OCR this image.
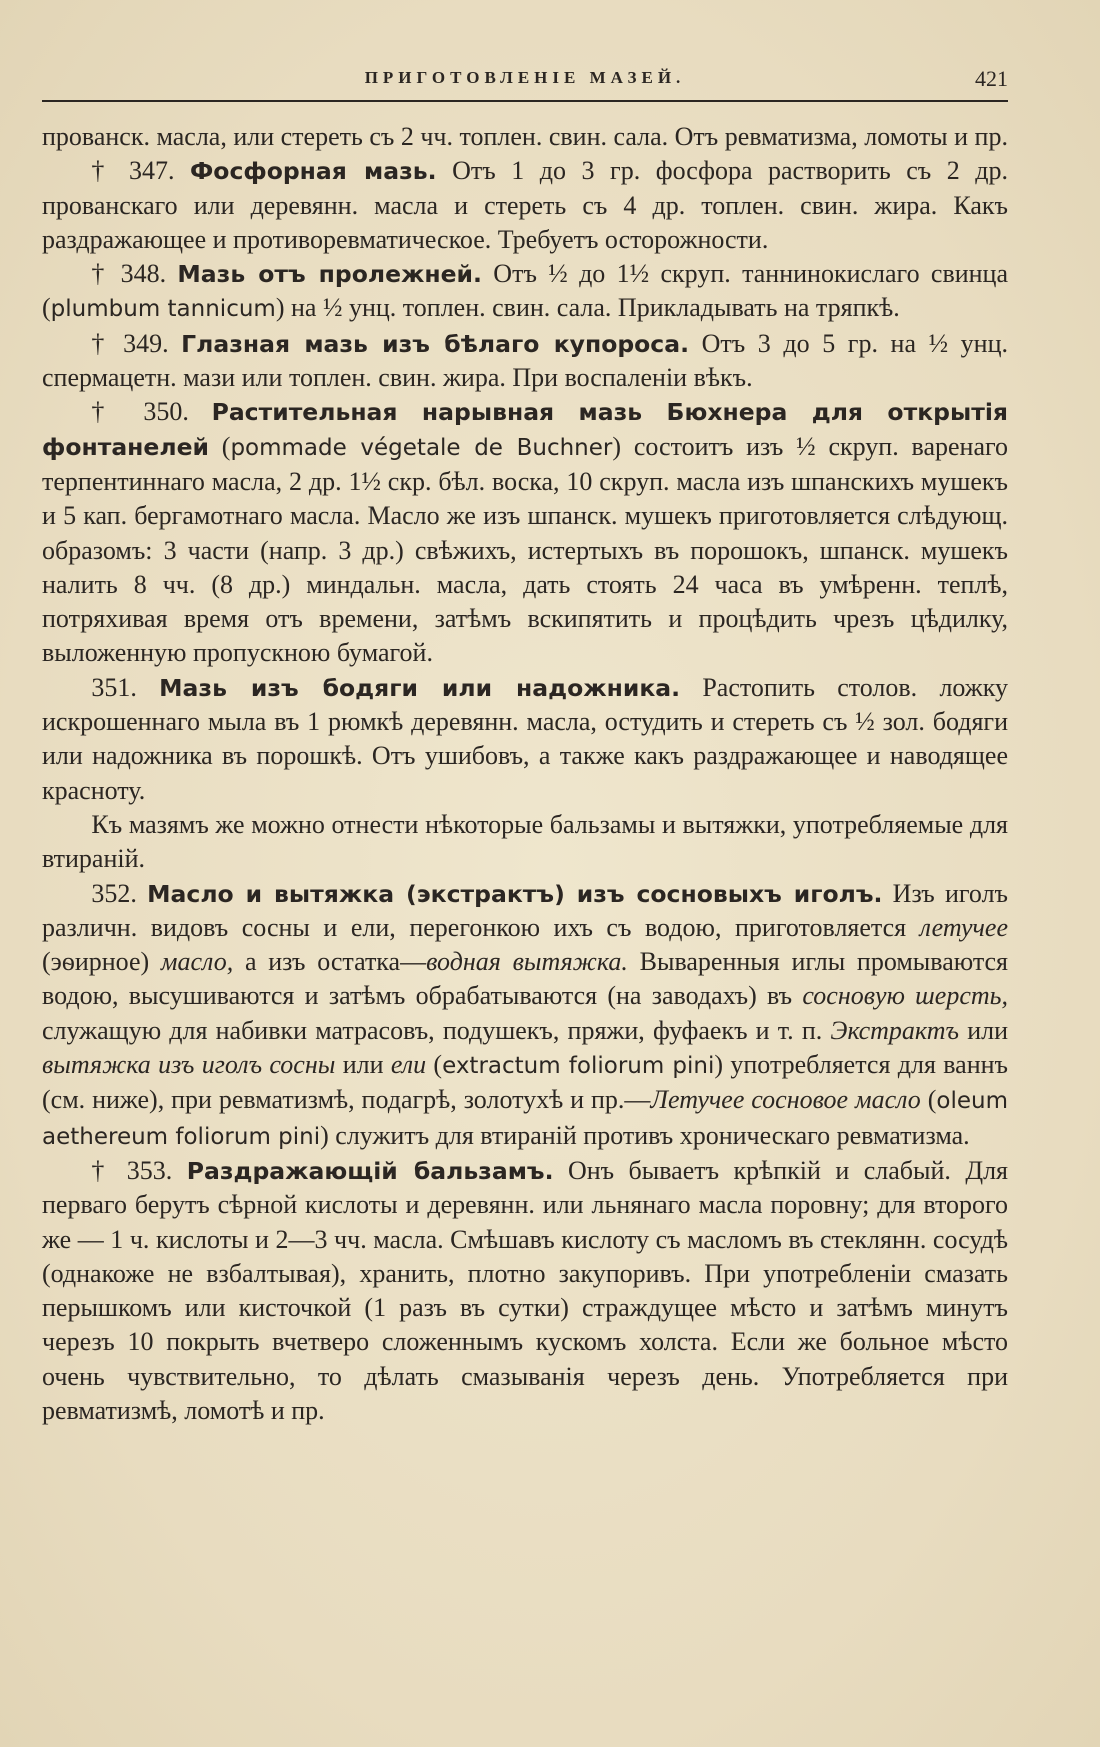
ПРИГОТОВЛЕНІЕ МАЗЕЙ.	421

прованск. масла, или стереть съ 2 чч. топлен. свин. сала. Отъ ревматизма, ломоты и пр.

† 347. Фосфорная мазь. Отъ 1 до 3 гр. фосфора растворить съ 2 др. прованскаго или деревянн. масла и стереть съ 4 др. топлен. свин. жира. Какъ раздражающее и противоревматическое. Требуетъ осторожности.

† 348. Мазь отъ пролежней. Отъ ½ до 1½ скруп. таннинокислаго свинца (plumbum tannicum) на ½ унц. топлен. свин. сала. Прикладывать на тряпкѣ.

† 349. Глазная мазь изъ бѣлаго купороса. Отъ 3 до 5 гр. на ½ унц. спермацетн. мази или топлен. свин. жира. При воспаленіи вѣкъ.

† 350. Растительная нарывная мазь Бюхнера для открытія фонтанелей (pommade végetale de Buchner) состоитъ изъ ½ скруп. варенаго терпентиннаго масла, 2 др. 1½ скр. бѣл. воска, 10 скруп. масла изъ шпанскихъ мушекъ и 5 кап. бергамотнаго масла. Масло же изъ шпанск. мушекъ приготовляется слѣдующ. образомъ: 3 части (напр. 3 др.) свѣжихъ, истертыхъ въ порошокъ, шпанск. мушекъ налить 8 чч. (8 др.) миндальн. масла, дать стоять 24 часа въ умѣренн. теплѣ, потряхивая время отъ времени, затѣмъ вскипятить и процѣдить чрезъ цѣдилку, выложенную пропускною бумагой.

351. Мазь изъ бодяги или надожника. Растопить столов. ложку искрошеннаго мыла въ 1 рюмкѣ деревянн. масла, остудить и стереть съ ½ зол. бодяги или надожника въ порошкѣ. Отъ ушибовъ, а также какъ раздражающее и наводящее красноту.

Къ мазямъ же можно отнести нѣкоторые бальзамы и вытяжки, употребляемые для втираній.

352. Масло и вытяжка (экстрактъ) изъ сосновыхъ иголъ. Изъ иголъ различн. видовъ сосны и ели, перегонкою ихъ съ водою, приготовляется летучее (эѳирное) масло, а изъ остатка—водная вытяжка. Вываренныя иглы промываются водою, высушиваются и затѣмъ обрабатываются (на заводахъ) въ сосновую шерсть, служащую для набивки матрасовъ, подушекъ, пряжи, фуфаекъ и т. п. Экстрактъ или вытяжка изъ иголъ сосны или ели (extractum foliorum pini) употребляется для ваннъ (см. ниже), при ревматизмѣ, подагрѣ, золотухѣ и пр.—Летучее сосновое масло (oleum aethereum foliorum pini) служитъ для втираній противъ хроническаго ревматизма.

† 353. Раздражающій бальзамъ. Онъ бываетъ крѣпкій и слабый. Для перваго берутъ сѣрной кислоты и деревянн. или льнянаго масла поровну; для второго же — 1 ч. кислоты и 2—3 чч. масла. Смѣшавъ кислоту съ масломъ въ стеклянн. сосудѣ (однакоже не взбалтывая), хранить, плотно закупоривъ. При употребленіи смазать перышкомъ или кисточкой (1 разъ въ сутки) страждущее мѣсто и затѣмъ минутъ черезъ 10 покрыть вчетверо сложеннымъ кускомъ холста. Если же больное мѣсто очень чувствительно, то дѣлать смазыванія черезъ день. Употребляется при ревматизмѣ, ломотѣ и пр.
